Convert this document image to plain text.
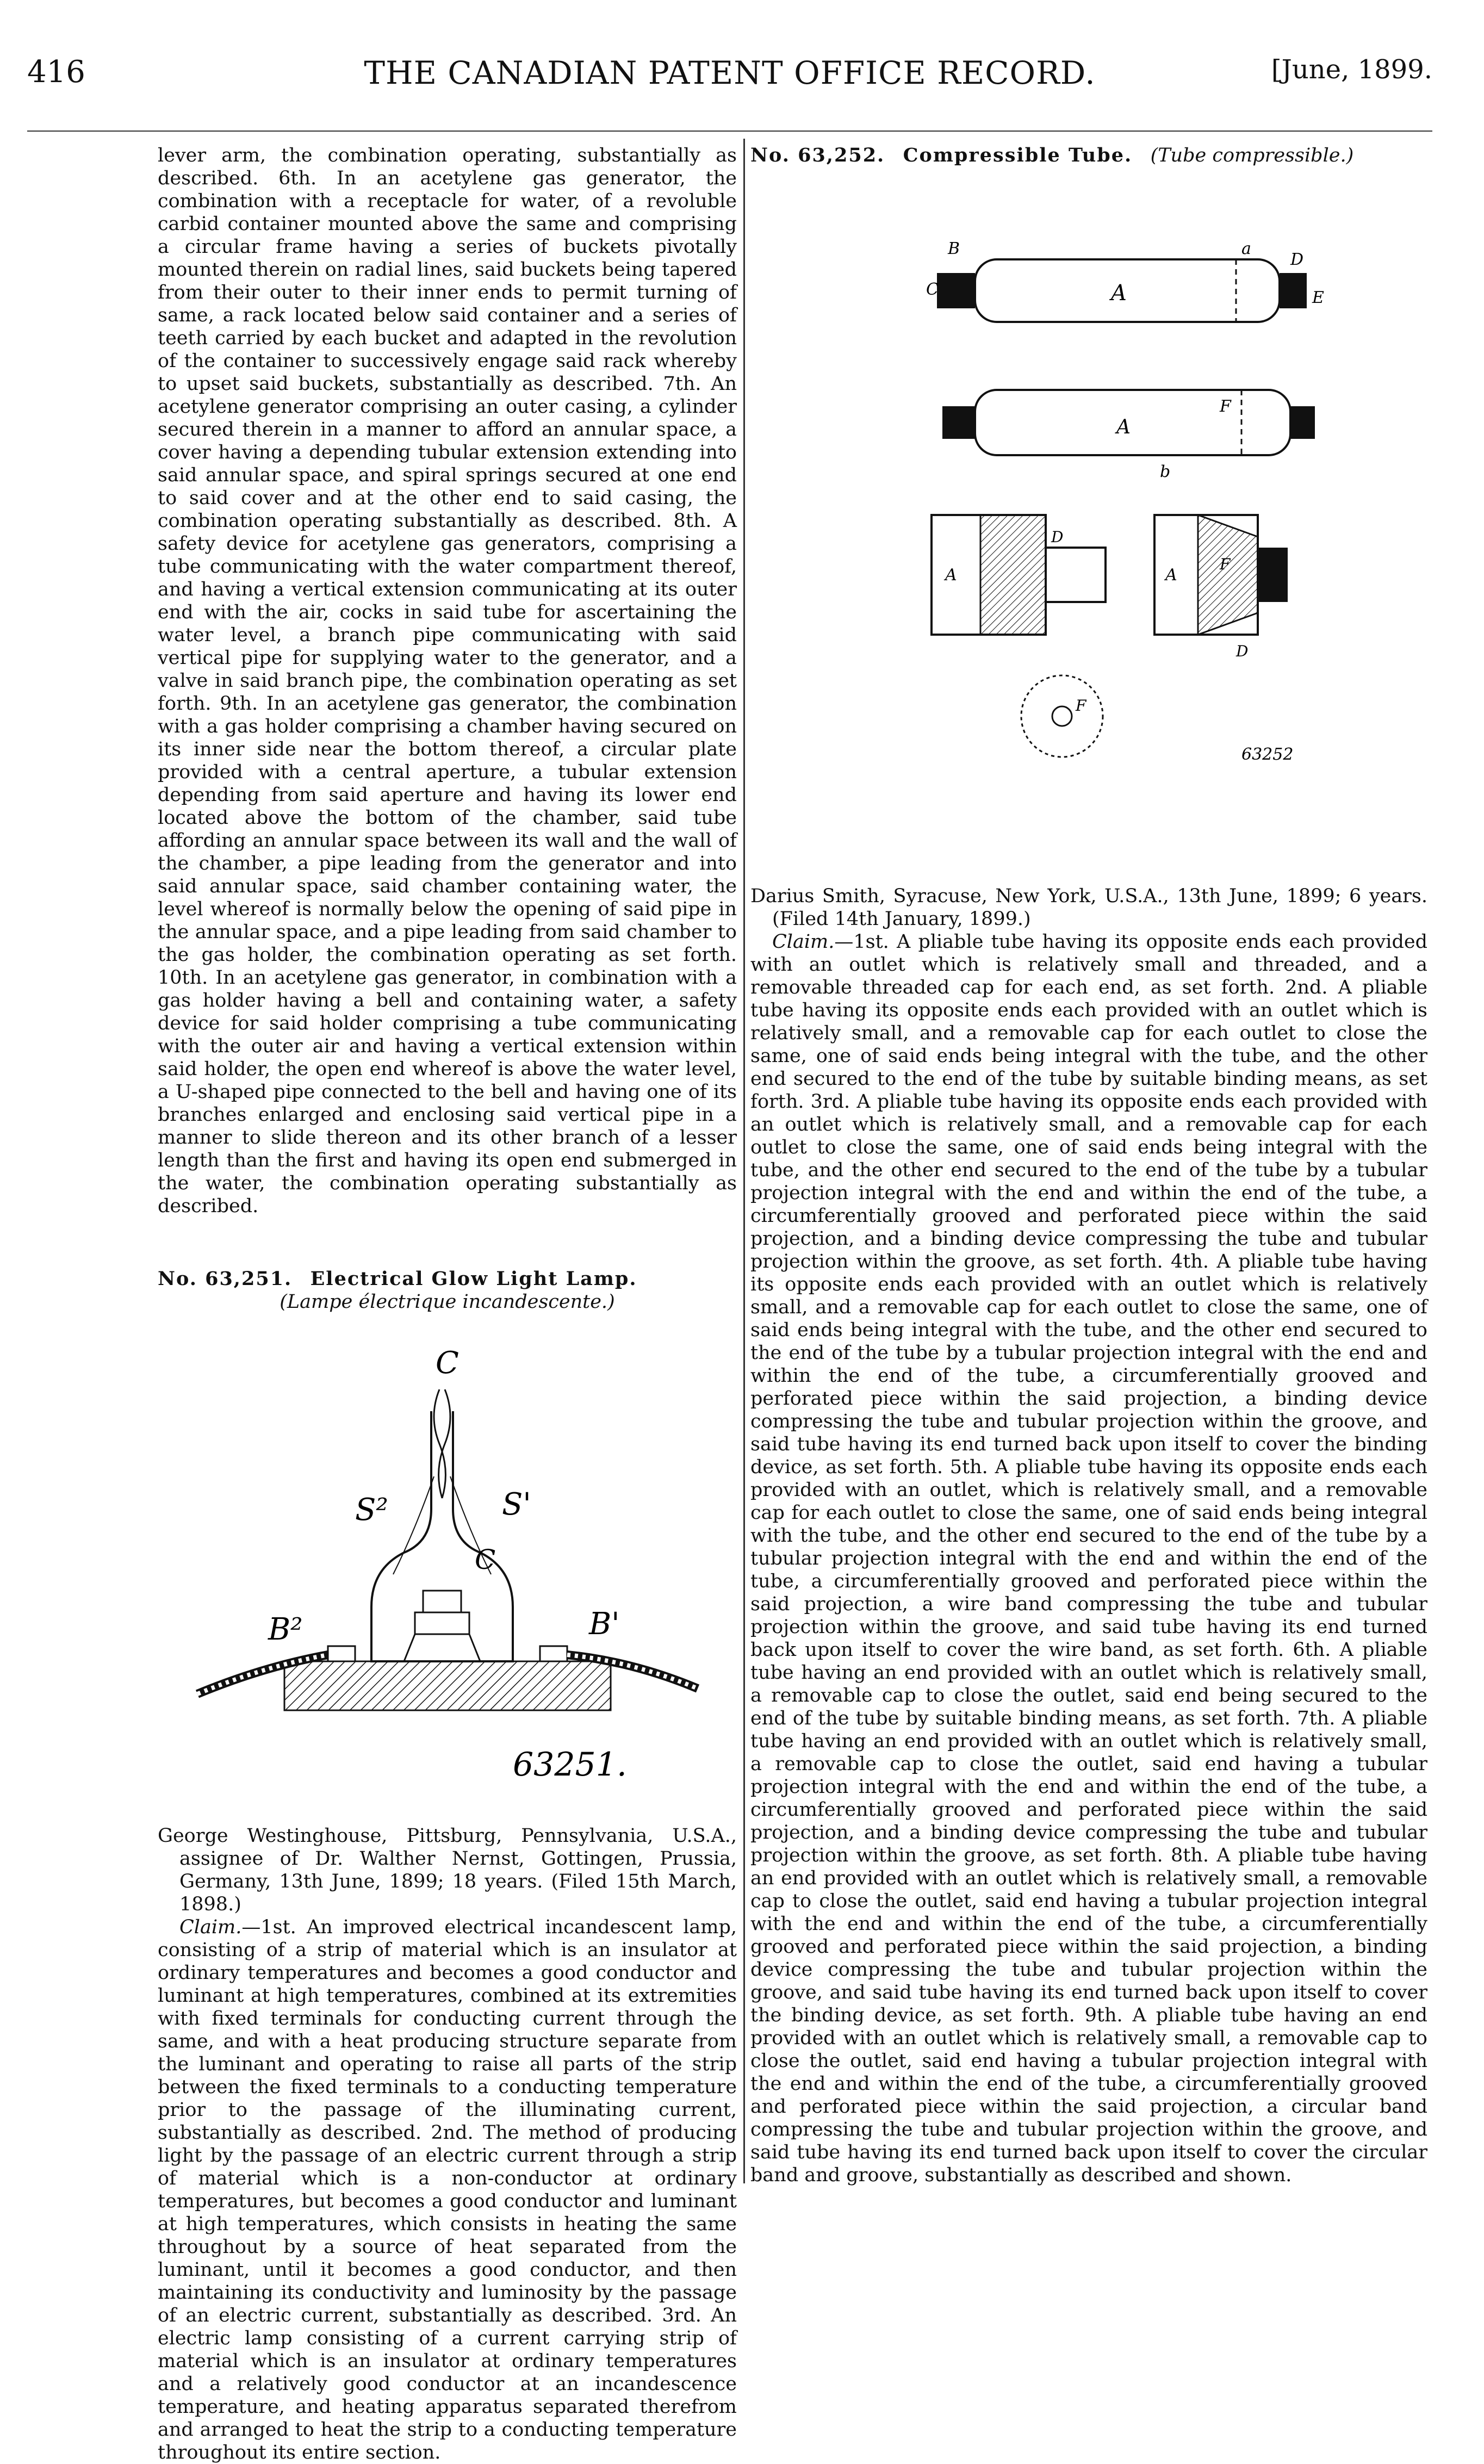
416	THE CANADIAN PATENT OFFICE RECORD.	[June, 1899.

lever arm, the combination operating, substantially as described. 6th. In an acetylene gas generator, the combination with a receptacle for water, of a revoluble carbid container mounted above the same and comprising a circular frame having a series of buckets pivotally mounted therein on radial lines, said buckets being tapered from their outer to their inner ends to permit turning of same, a rack located below said container and a series of teeth carried by each bucket and adapted in the revolution of the container to successively engage said rack whereby to upset said buckets, substantially as described. 7th. An acetylene generator comprising an outer casing, a cylinder secured therein in a manner to afford an annular space, a cover having a depending tubular extension extending into said annular space, and spiral springs secured at one end to said cover and at the other end to said casing, the combination operating substantially as described. 8th. A safety device for acetylene gas generators, comprising a tube communicating with the water compartment thereof, and having a vertical extension communicating at its outer end with the air, cocks in said tube for ascertaining the water level, a branch pipe communicating with said vertical pipe for supplying water to the generator, and a valve in said branch pipe, the combination operating as set forth. 9th. In an acetylene gas generator, the combination with a gas holder comprising a chamber having secured on its inner side near the bottom thereof, a circular plate provided with a central aperture, a tubular extension depending from said aperture and having its lower end located above the bottom of the chamber, said tube affording an annular space between its wall and the wall of the chamber, a pipe leading from the generator and into said annular space, said chamber containing water, the level whereof is normally below the opening of said pipe in the annular space, and a pipe leading from said chamber to the gas holder, the combination operating as set forth. 10th. In an acetylene gas generator, in combination with a gas holder having a bell and containing water, a safety device for said holder comprising a tube communicating with the outer air and having a vertical extension within said holder, the open end whereof is above the water level, a U-shaped pipe connected to the bell and having one of its branches enlarged and enclosing said vertical pipe in a manner to slide thereon and its other branch of a lesser length than the first and having its open end submerged in the water, the combination operating substantially as described.

No. 63,251. Electrical Glow Light Lamp.

(Lampe électrique incandescente.)

C
C
S²	S'
B²	B'
63251.

George Westinghouse, Pittsburg, Pennsylvania, U.S.A., assignee of Dr. Walther Nernst, Gottingen, Prussia, Germany, 13th June, 1899; 18 years. (Filed 15th March, 1898.)

Claim.—1st. An improved electrical incandescent lamp, consisting of a strip of material which is an insulator at ordinary temperatures and becomes a good conductor and luminant at high temperatures, combined at its extremities with fixed terminals for conducting current through the same, and with a heat producing structure separate from the luminant and operating to raise all parts of the strip between the fixed terminals to a conducting temperature prior to the passage of the illuminating current, substantially as described. 2nd. The method of producing light by the passage of an electric current through a strip of material which is a non-conductor at ordinary temperatures, but becomes a good conductor and luminant at high temperatures, which consists in heating the same throughout by a source of heat separated from the luminant, until it becomes a good conductor, and then maintaining its conductivity and luminosity by the passage of an electric current, substantially as described. 3rd. An electric lamp consisting of a current carrying strip of material which is an insulator at ordinary temperatures and a relatively good conductor at an incandescence temperature, and heating apparatus separated therefrom and arranged to heat the strip to a conducting temperature throughout its entire section.

No. 63,252. Compressible Tube. (Tube compressible.)

B
C	A
a
D
E
A
F
b
A
D
A
F
D
F
63252

Darius Smith, Syracuse, New York, U.S.A., 13th June, 1899; 6 years. (Filed 14th January, 1899.)

Claim.—1st. A pliable tube having its opposite ends each provided with an outlet which is relatively small and threaded, and a removable threaded cap for each end, as set forth. 2nd. A pliable tube having its opposite ends each provided with an outlet which is relatively small, and a removable cap for each outlet to close the same, one of said ends being integral with the tube, and the other end secured to the end of the tube by suitable binding means, as set forth. 3rd. A pliable tube having its opposite ends each provided with an outlet which is relatively small, and a removable cap for each outlet to close the same, one of said ends being integral with the tube, and the other end secured to the end of the tube by a tubular projection integral with the end and within the end of the tube, a circumferentially grooved and perforated piece within the said projection, and a binding device compressing the tube and tubular projection within the groove, as set forth. 4th. A pliable tube having its opposite ends each provided with an outlet which is relatively small, and a removable cap for each outlet to close the same, one of said ends being integral with the tube, and the other end secured to the end of the tube by a tubular projection integral with the end and within the end of the tube, a circumferentially grooved and perforated piece within the said projection, a binding device compressing the tube and tubular projection within the groove, and said tube having its end turned back upon itself to cover the binding device, as set forth. 5th. A pliable tube having its opposite ends each provided with an outlet, which is relatively small, and a removable cap for each outlet to close the same, one of said ends being integral with the tube, and the other end secured to the end of the tube by a tubular projection integral with the end and within the end of the tube, a circumferentially grooved and perforated piece within the said projection, a wire band compressing the tube and tubular projection within the groove, and said tube having its end turned back upon itself to cover the wire band, as set forth. 6th. A pliable tube having an end provided with an outlet which is relatively small, a removable cap to close the outlet, said end being secured to the end of the tube by suitable binding means, as set forth. 7th. A pliable tube having an end provided with an outlet which is relatively small, a removable cap to close the outlet, said end having a tubular projection integral with the end and within the end of the tube, a circumferentially grooved and perforated piece within the said projection, and a binding device compressing the tube and tubular projection within the groove, as set forth. 8th. A pliable tube having an end provided with an outlet which is relatively small, a removable cap to close the outlet, said end having a tubular projection integral with the end and within the end of the tube, a circumferentially grooved and perforated piece within the said projection, a binding device compressing the tube and tubular projection within the groove, and said tube having its end turned back upon itself to cover the binding device, as set forth. 9th. A pliable tube having an end provided with an outlet which is relatively small, a removable cap to close the outlet, said end having a tubular projection integral with the end and within the end of the tube, a circumferentially grooved and perforated piece within the said projection, a circular band compressing the tube and tubular projection within the groove, and said tube having its end turned back upon itself to cover the circular band and groove, substantially as described and shown.
